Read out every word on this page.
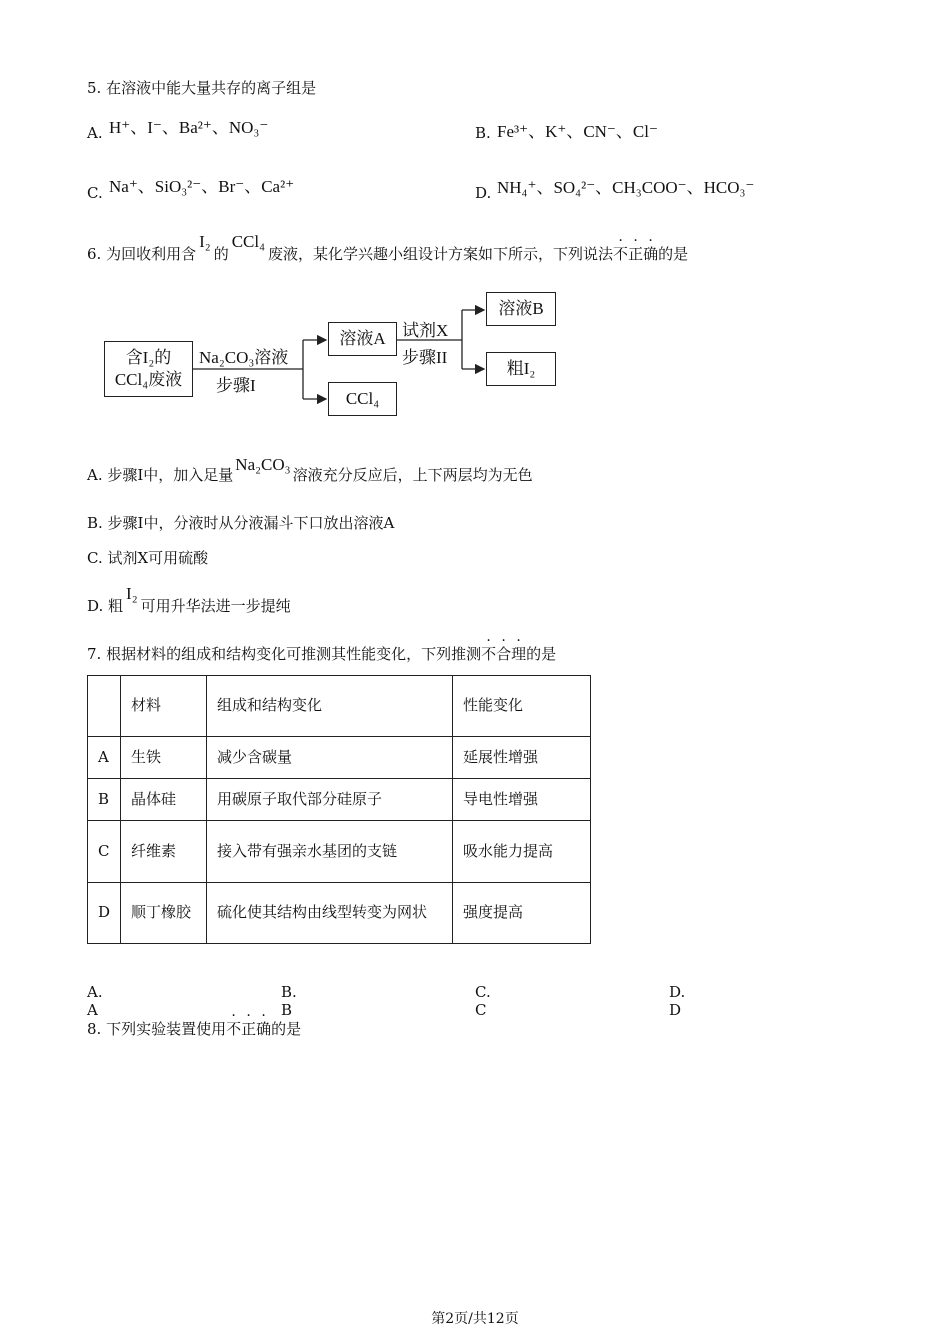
5. 在溶液中能大量共存的离子组是
A. H⁺、I⁻、Ba²⁺、NO₃⁻	B. Fe³⁺、K⁺、CN⁻、Cl⁻
C. Na⁺、SiO₃²⁻、Br⁻、Ca²⁺	D. NH₄⁺、SO₄²⁻、CH₃COO⁻、HCO₃⁻
6. 为回收利用含I₂的CCl₄废液，某化学兴趣小组设计方案如下所示，下列说法不正确的是
含I₂的
CCl₄废液
Na₂CO₃溶液
步骤I
溶液A
CCl₄
试剂X
步骤II
溶液B
粗I₂
A. 步骤I中，加入足量Na₂CO₃溶液充分反应后，上下两层均为无色
B. 步骤I中，分液时从分液漏斗下口放出溶液A
C. 试剂X可用硫酸
D. 粗I₂可用升华法进一步提纯
7. 根据材料的组成和结构变化可推测其性能变化，下列推测不合理的是
	材料	组成和结构变化	性能变化
A	生铁	减少含碳量	延展性增强
B	晶体硅	用碳原子取代部分硅原子	导电性增强
C	纤维素	接入带有强亲水基团的支链	吸水能力提高
D	顺丁橡胶	硫化使其结构由线型转变为网状	强度提高
A. A
B. B
C. C
D. D
8. 下列实验装置使用不正确的是
第2页/共12页
